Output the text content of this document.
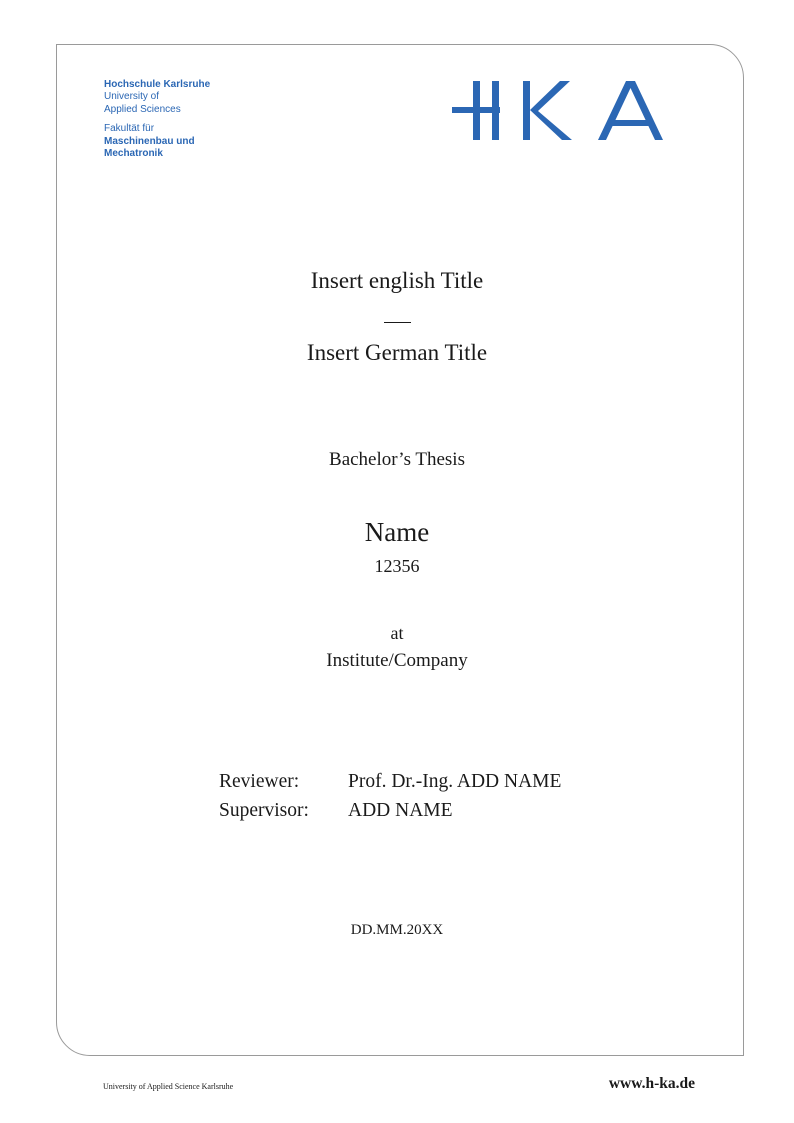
Hochschule Karlsruhe
University of
Applied Sciences
Fakultät für
Maschinenbau und
Mechatronik
Insert english Title
Insert German Title
Bachelor’s Thesis
Name
12356
at
Institute/Company
Reviewer:	Prof. Dr.-Ing. ADD NAME
Supervisor: ADD NAME
DD.MM.20XX
University of Applied Science Karlsruhe	www.h-ka.de
